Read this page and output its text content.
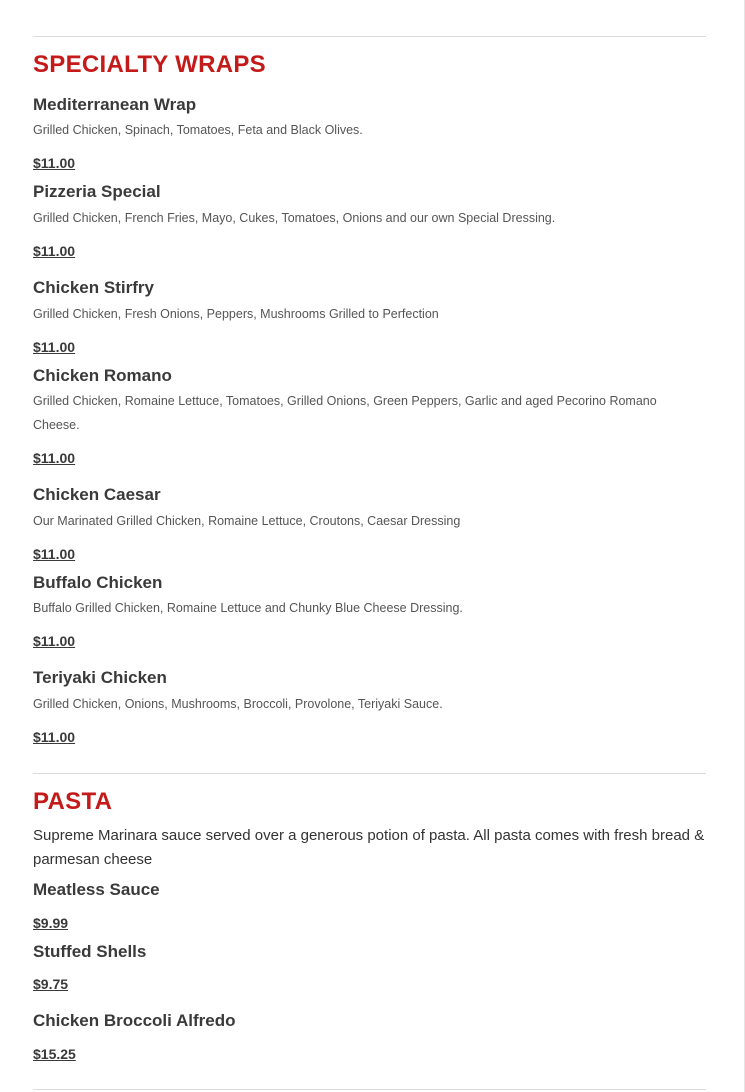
SPECIALTY WRAPS
Mediterranean Wrap
Grilled Chicken, Spinach, Tomatoes, Feta and Black Olives.
$11.00
Pizzeria Special
Grilled Chicken, French Fries, Mayo, Cukes, Tomatoes, Onions and our own Special Dressing.
$11.00
Chicken Stirfry
Grilled Chicken, Fresh Onions, Peppers, Mushrooms Grilled to Perfection
$11.00
Chicken Romano
Grilled Chicken, Romaine Lettuce, Tomatoes, Grilled Onions, Green Peppers, Garlic and aged Pecorino Romano Cheese.
$11.00
Chicken Caesar
Our Marinated Grilled Chicken, Romaine Lettuce, Croutons, Caesar Dressing
$11.00
Buffalo Chicken
Buffalo Grilled Chicken, Romaine Lettuce and Chunky Blue Cheese Dressing.
$11.00
Teriyaki Chicken
Grilled Chicken, Onions, Mushrooms, Broccoli, Provolone, Teriyaki Sauce.
$11.00
PASTA
Supreme Marinara sauce served over a generous potion of pasta. All pasta comes with fresh bread & parmesan cheese
Meatless Sauce
$9.99
Stuffed Shells
$9.75
Chicken Broccoli Alfredo
$15.25
